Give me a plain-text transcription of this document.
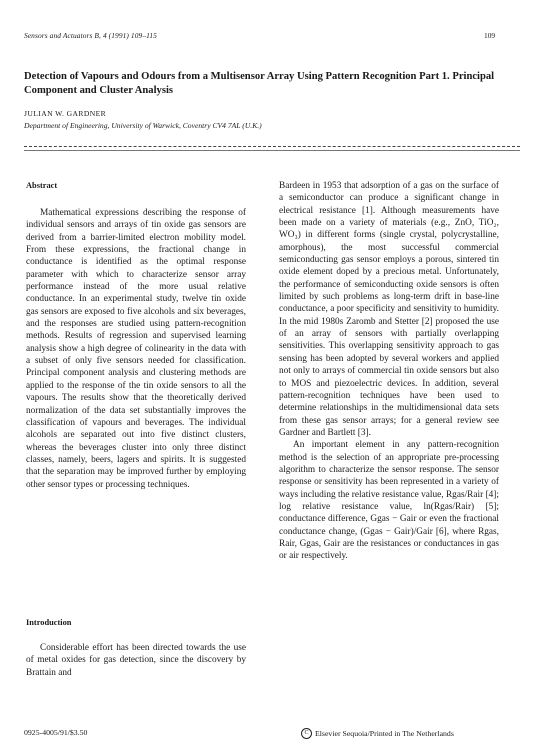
Sensors and Actuators B, 4 (1991) 109–115	109
Detection of Vapours and Odours from a Multisensor Array Using Pattern Recognition Part 1. Principal Component and Cluster Analysis
JULIAN W. GARDNER
Department of Engineering, University of Warwick, Coventry CV4 7AL (U.K.)

Abstract

Mathematical expressions describing the response of individual sensors and arrays of tin oxide gas sensors are derived from a barrier-limited electron mobility model. From these expressions, the fractional change in conductance is identified as the optimal response parameter with which to characterize sensor array performance instead of the more usual relative conductance. In an experimental study, twelve tin oxide gas sensors are exposed to five alcohols and six beverages, and the responses are studied using pattern-recognition methods. Results of regression and supervised learning analysis show a high degree of colinearity in the data with a subset of only five sensors needed for classification. Principal component analysis and clustering methods are applied to the response of the tin oxide sensors to all the vapours. The results show that the theoretically derived normalization of the data set substantially improves the classification of vapours and beverages. The individual alcohols are separated out into five distinct clusters, whereas the beverages cluster into only three distinct classes, namely, beers, lagers and spirits. It is suggested that the separation may be improved further by employing other sensor types or processing techniques.

Introduction

Considerable effort has been directed towards the use of metal oxides for gas detection, since the discovery by Brattain and

Bardeen in 1953 that adsorption of a gas on the surface of a semiconductor can produce a significant change in electrical resistance [1]. Although measurements have been made on a variety of materials (e.g., ZnO, TiO₂, WO₃) in different forms (single crystal, polycrystalline, amorphous), the most successful commercial semiconducting gas sensor employs a porous, sintered tin oxide element doped by a precious metal. Unfortunately, the performance of semiconducting oxide sensors is often limited by such problems as long-term drift in base-line conductance, a poor specificity and sensitivity to humidity. In the mid 1980s Zaromb and Stetter [2] proposed the use of an array of sensors with partially overlapping sensitivities. This overlapping sensitivity approach to gas sensing has been adopted by several workers and applied not only to arrays of commercial tin oxide sensors but also to MOS and piezoelectric devices. In addition, several pattern-recognition techniques have been used to determine relationships in the multidimensional data sets from these gas sensor arrays; for a general review see Gardner and Bartlett [3].

An important element in any pattern-recognition method is the selection of an appropriate pre-processing algorithm to characterize the sensor response. The sensor response or sensitivity has been represented in a variety of ways including the relative resistance value, Rgas/Rair [4]; log relative resistance value, ln(Rgas/Rair) [5]; conductance difference, Ggas − Gair or even the fractional conductance change, (Ggas − Gair)/Gair [6], where Rgas, Rair, Ggas, Gair are the resistances or conductances in gas or air respectively.

0925-4005/91/$3.50	C Elsevier Sequoia/Printed in The Netherlands
